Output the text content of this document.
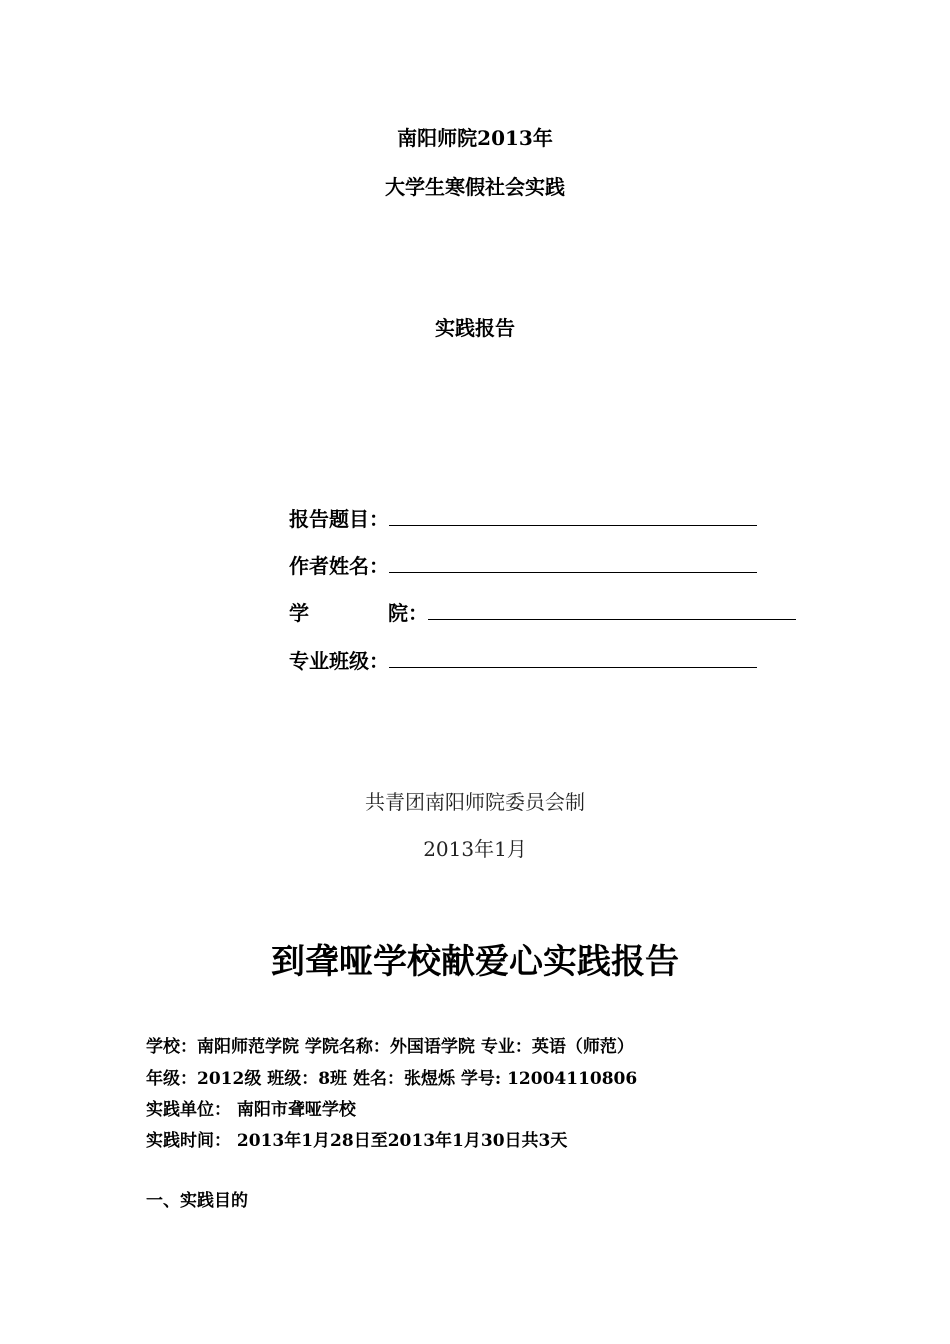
南阳师院2013年
大学生寒假社会实践
实践报告
报告题目：
作者姓名：
学	院：
专业班级：
共青团南阳师院委员会制
2013年1月
到聋哑学校献爱心实践报告
学校：南阳师范学院 学院名称：外国语学院 专业：英语（师范）
年级：2012级 班级：8班 姓名：张煜烁 学号: 12004110806
实践单位： 南阳市聋哑学校
实践时间： 2013年1月28日至2013年1月30日共3天
一、实践目的
